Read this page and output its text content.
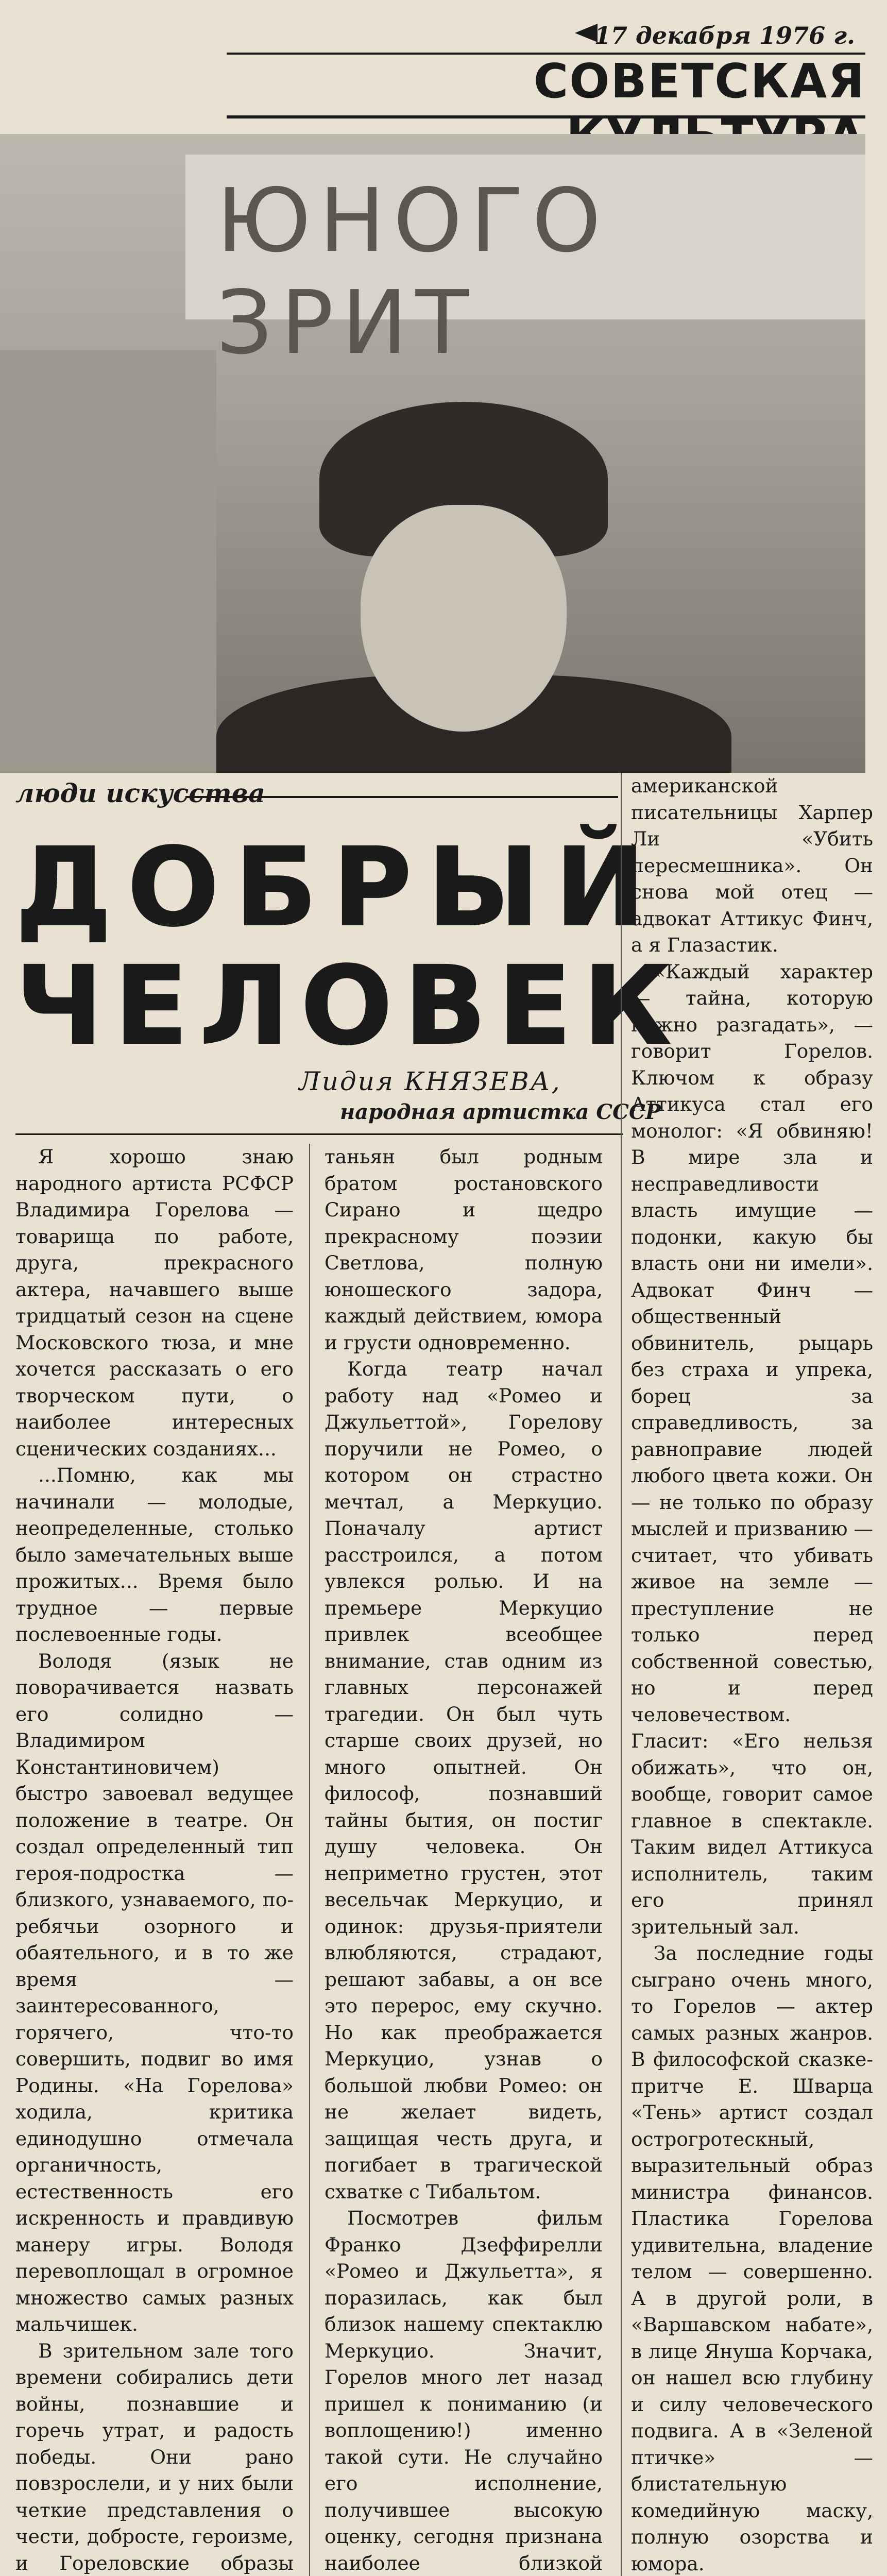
17 декабря 1976 г.
СОВЕТСКАЯ
ЮНОГО ЗРИТ
люди искусства
ДОБРЫЙ
ЧЕЛОВЕК
Лидия КНЯЗЕВА,
народная артистка СССР

Я хорошо знаю народного артиста РСФСР Владимира Горелова — товарища по работе, друга, прекрасного актера, начавшего выше тридцатый сезон на сцене Московского тюза, и мне хочется рассказать о его творческом пути, о наиболее интересных сценических созданиях...

...Помню, как мы начинали — молодые, неопределенные, столько было замечательных выше прожитых... Время было трудное — первые послевоенные годы.

Володя (язык не поворачивается назвать его солидно — Владимиром Константиновичем) быстро завоевал ведущее положение в театре. Он создал определенный тип героя-подростка — близкого, узнаваемого, по-ребячьи озорного и обаятельного, и в то же время — заинтересованного, горячего, что-то совершить, подвиг во имя Родины. «На Горелова» ходила, критика единодушно отмечала органичность, естественность его искренность и правдивую манеру игры. Володя перевоплощал в огромное множество самых разных мальчишек.

В зрительном зале того времени собирались дети войны, познавшие и горечь утрат, и радость победы. Они рано повзрослели, и у них были четкие представления о чести, добросте, героизме, и Гореловские образы

таньян был родным братом ростановского Сирано и щедро прекрасному поэзии Светлова, полную юношеского задора, каждый действием, юмора и грусти одновременно.

Когда театр начал работу над «Ромео и Джульеттой», Горелову поручили не Ромео, о котором он страстно мечтал, а Меркуцио. Поначалу артист расстроился, а потом увлекся ролью. И на премьере Меркуцио привлек всеобщее внимание, став одним из главных персонажей трагедии. Он был чуть старше своих друзей, но много опытней. Он философ, познавший тайны бытия, он постиг душу человека. Он неприметно грустен, этот весельчак Меркуцио, и одинок: друзья-приятели влюбляются, страдают, решают забавы, а он все это перерос, ему скучно. Но как преображается Меркуцио, узнав о большой любви Ромео: он не желает видеть, защищая честь друга, и погибает в трагической схватке с Тибальтом.

Посмотрев фильм Франко Дзеффирелли «Ромео и Джульетта», я поразилась, как был близок нашему спектаклю Меркуцио. Значит, Горелов много лет назад пришел к пониманию (и воплощению!) именно такой сути. Не случайно его исполнение, получившее высокую оценку, сегодня признана наиболее близкой

американской писательницы Харпер Ли «Убить пересмешника». Он снова мой отец — адвокат Аттикус Финч, а я Глазастик.

«Каждый характер — тайна, которую нужно разгадать», — говорит Горелов. Ключом к образу Аттикуса стал его монолог: «Я обвиняю! В мире зла и несправедливости власть имущие — подонки, какую бы власть они ни имели». Адвокат Финч — общественный обвинитель, рыцарь без страха и упрека, борец за справедливость, за равноправие людей любого цвета кожи. Он — не только по образу мыслей и призванию — считает, что убивать живое на земле — преступление не только перед собственной совестью, но и перед человечеством. Гласит: «Его нельзя обижать», что он, вообще, говорит самое главное в спектакле. Таким видел Аттикуса исполнитель, таким его принял зрительный зал.

За последние годы сыграно очень много, то Горелов — актер самых разных жанров. В философской сказке-притче Е. Шварца «Тень» артист создал острогротескный, выразительный образ министра финансов. Пластика Горелова удивительна, владение телом — совершенно. А в другой роли, в «Варшавском набате», в лице Януша Корчака, он нашел всю глубину и силу человеческого подвига. А в «Зеленой птичке» — блистательную комедийную маску, полную озорства и юмора.
